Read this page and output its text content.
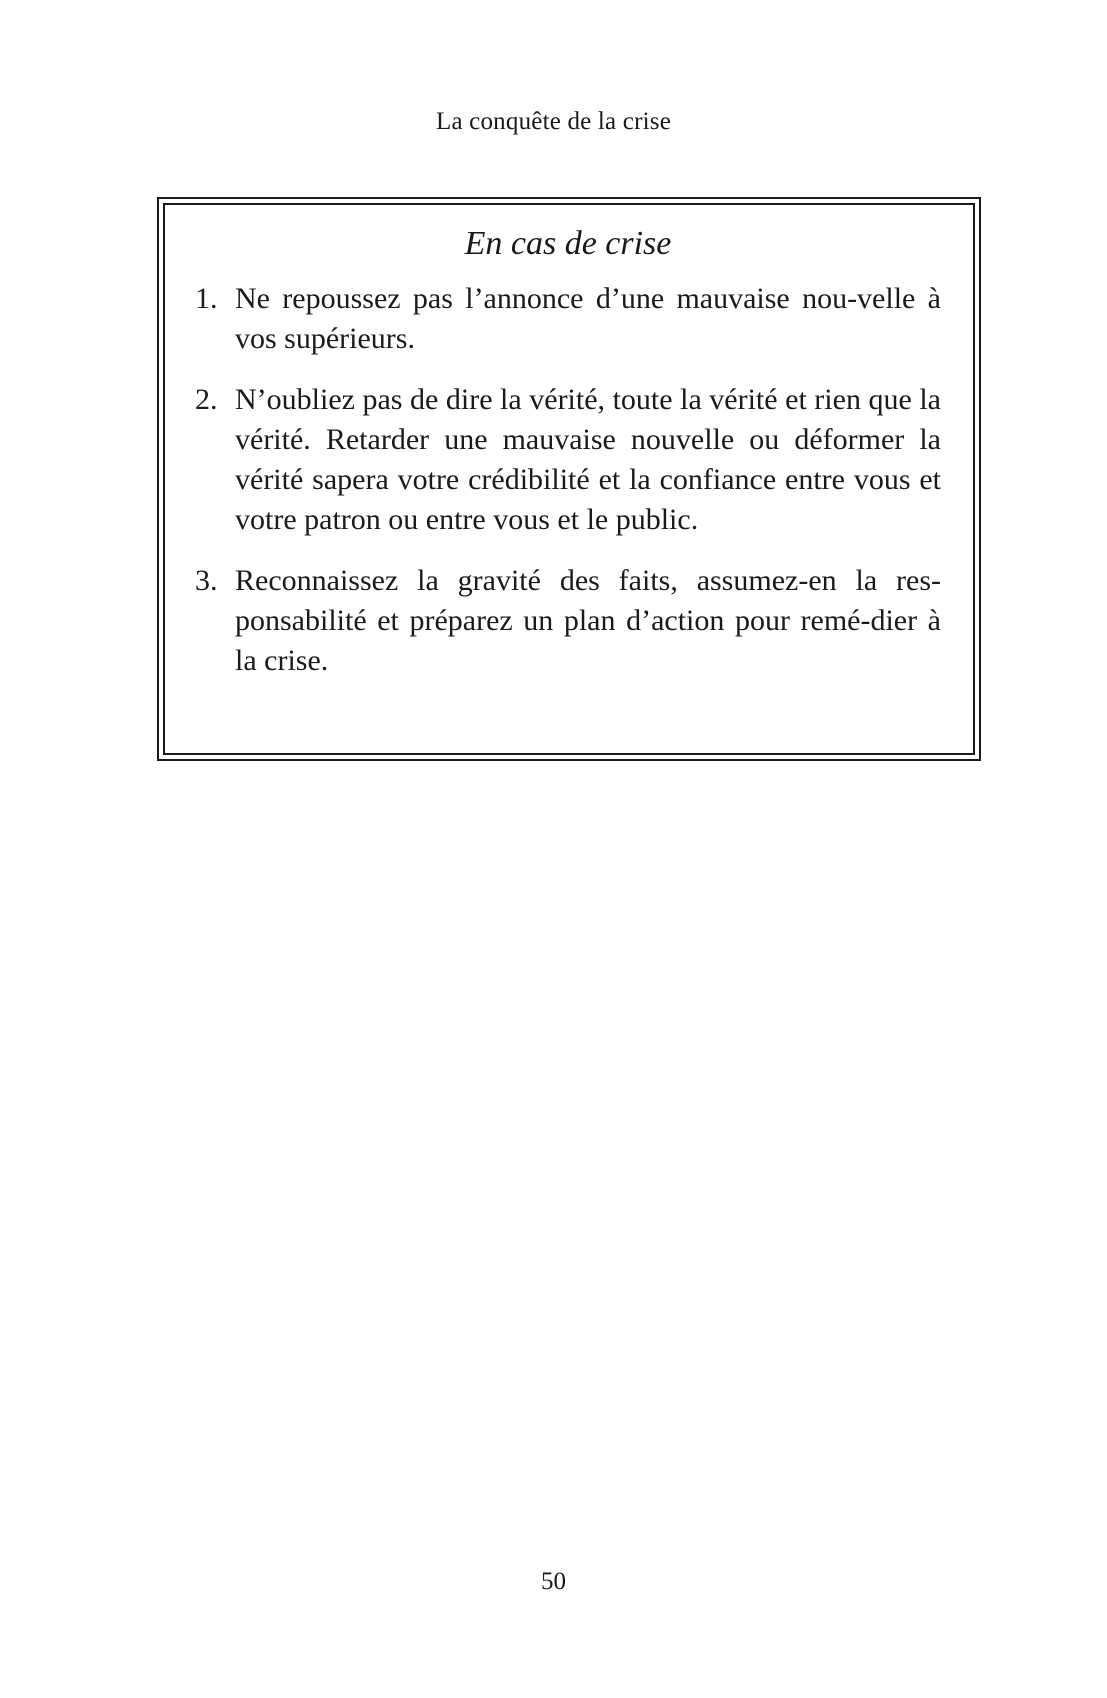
La conquête de la crise
En cas de crise
1. Ne repoussez pas l’annonce d’une mauvaise nou-velle à vos supérieurs.
2. N’oubliez pas de dire la vérité, toute la vérité et rien que la vérité. Retarder une mauvaise nouvelle ou déformer la vérité sapera votre crédibilité et la confiance entre vous et votre patron ou entre vous et le public.
3. Reconnaissez la gravité des faits, assumez-en la res-ponsabilité et préparez un plan d’action pour remé-dier à la crise.
50
